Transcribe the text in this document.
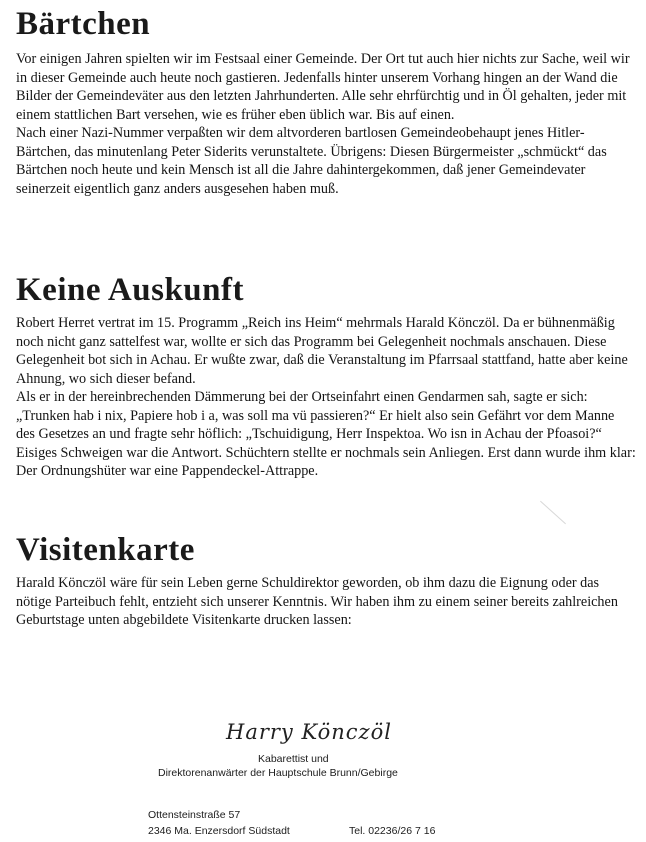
Bärtchen

Vor einigen Jahren spielten wir im Festsaal einer Gemeinde. Der Ort tut auch hier nichts zur Sache, weil wir in dieser Gemeinde auch heute noch gastieren. Jedenfalls hinter unserem Vorhang hingen an der Wand die Bilder der Gemeindeväter aus den letzten Jahrhunderten. Alle sehr ehrfürchtig und in Öl gehalten, jeder mit einem stattlichen Bart versehen, wie es früher eben üblich war. Bis auf einen.

Nach einer Nazi-Nummer verpaßten wir dem altvorderen bartlosen Gemeindeobehaupt jenes Hitler-Bärtchen, das minutenlang Peter Siderits verunstaltete. Übrigens: Diesen Bürgermeister „schmückt“ das Bärtchen noch heute und kein Mensch ist all die Jahre dahintergekommen, daß jener Gemeindevater seinerzeit eigentlich ganz anders ausgesehen haben muß.

Keine Auskunft

Robert Herret vertrat im 15. Programm „Reich ins Heim“ mehrmals Harald Könczöl. Da er bühnenmäßig noch nicht ganz sattelfest war, wollte er sich das Programm bei Gelegenheit nochmals anschauen. Diese Gelegenheit bot sich in Achau. Er wußte zwar, daß die Veranstaltung im Pfarrsaal stattfand, hatte aber keine Ahnung, wo sich dieser befand.

Als er in der hereinbrechenden Dämmerung bei der Ortseinfahrt einen Gendarmen sah, sagte er sich: „Trunken hab i nix, Papiere hob i a, was soll ma vü passieren?“ Er hielt also sein Gefährt vor dem Manne des Gesetzes an und fragte sehr höflich: „Tschuidigung, Herr Inspektoa. Wo isn in Achau der Pfoasoi?“ Eisiges Schweigen war die Antwort. Schüchtern stellte er nochmals sein Anliegen. Erst dann wurde ihm klar: Der Ordnungshüter war eine Pappendeckel-Attrappe.

Visitenkarte

Harald Könczöl wäre für sein Leben gerne Schuldirektor geworden, ob ihm dazu die Eignung oder das nötige Parteibuch fehlt, entzieht sich unserer Kenntnis. Wir haben ihm zu einem seiner bereits zahlreichen Geburtstage unten abgebildete Visitenkarte drucken lassen:

Harry Könczöl
Kabarettist und
Direktorenanwärter der Hauptschule Brunn/Gebirge
Ottensteinstraße 57
2346 Ma. Enzersdorf Südstadt	Tel. 02236/26 7 16
